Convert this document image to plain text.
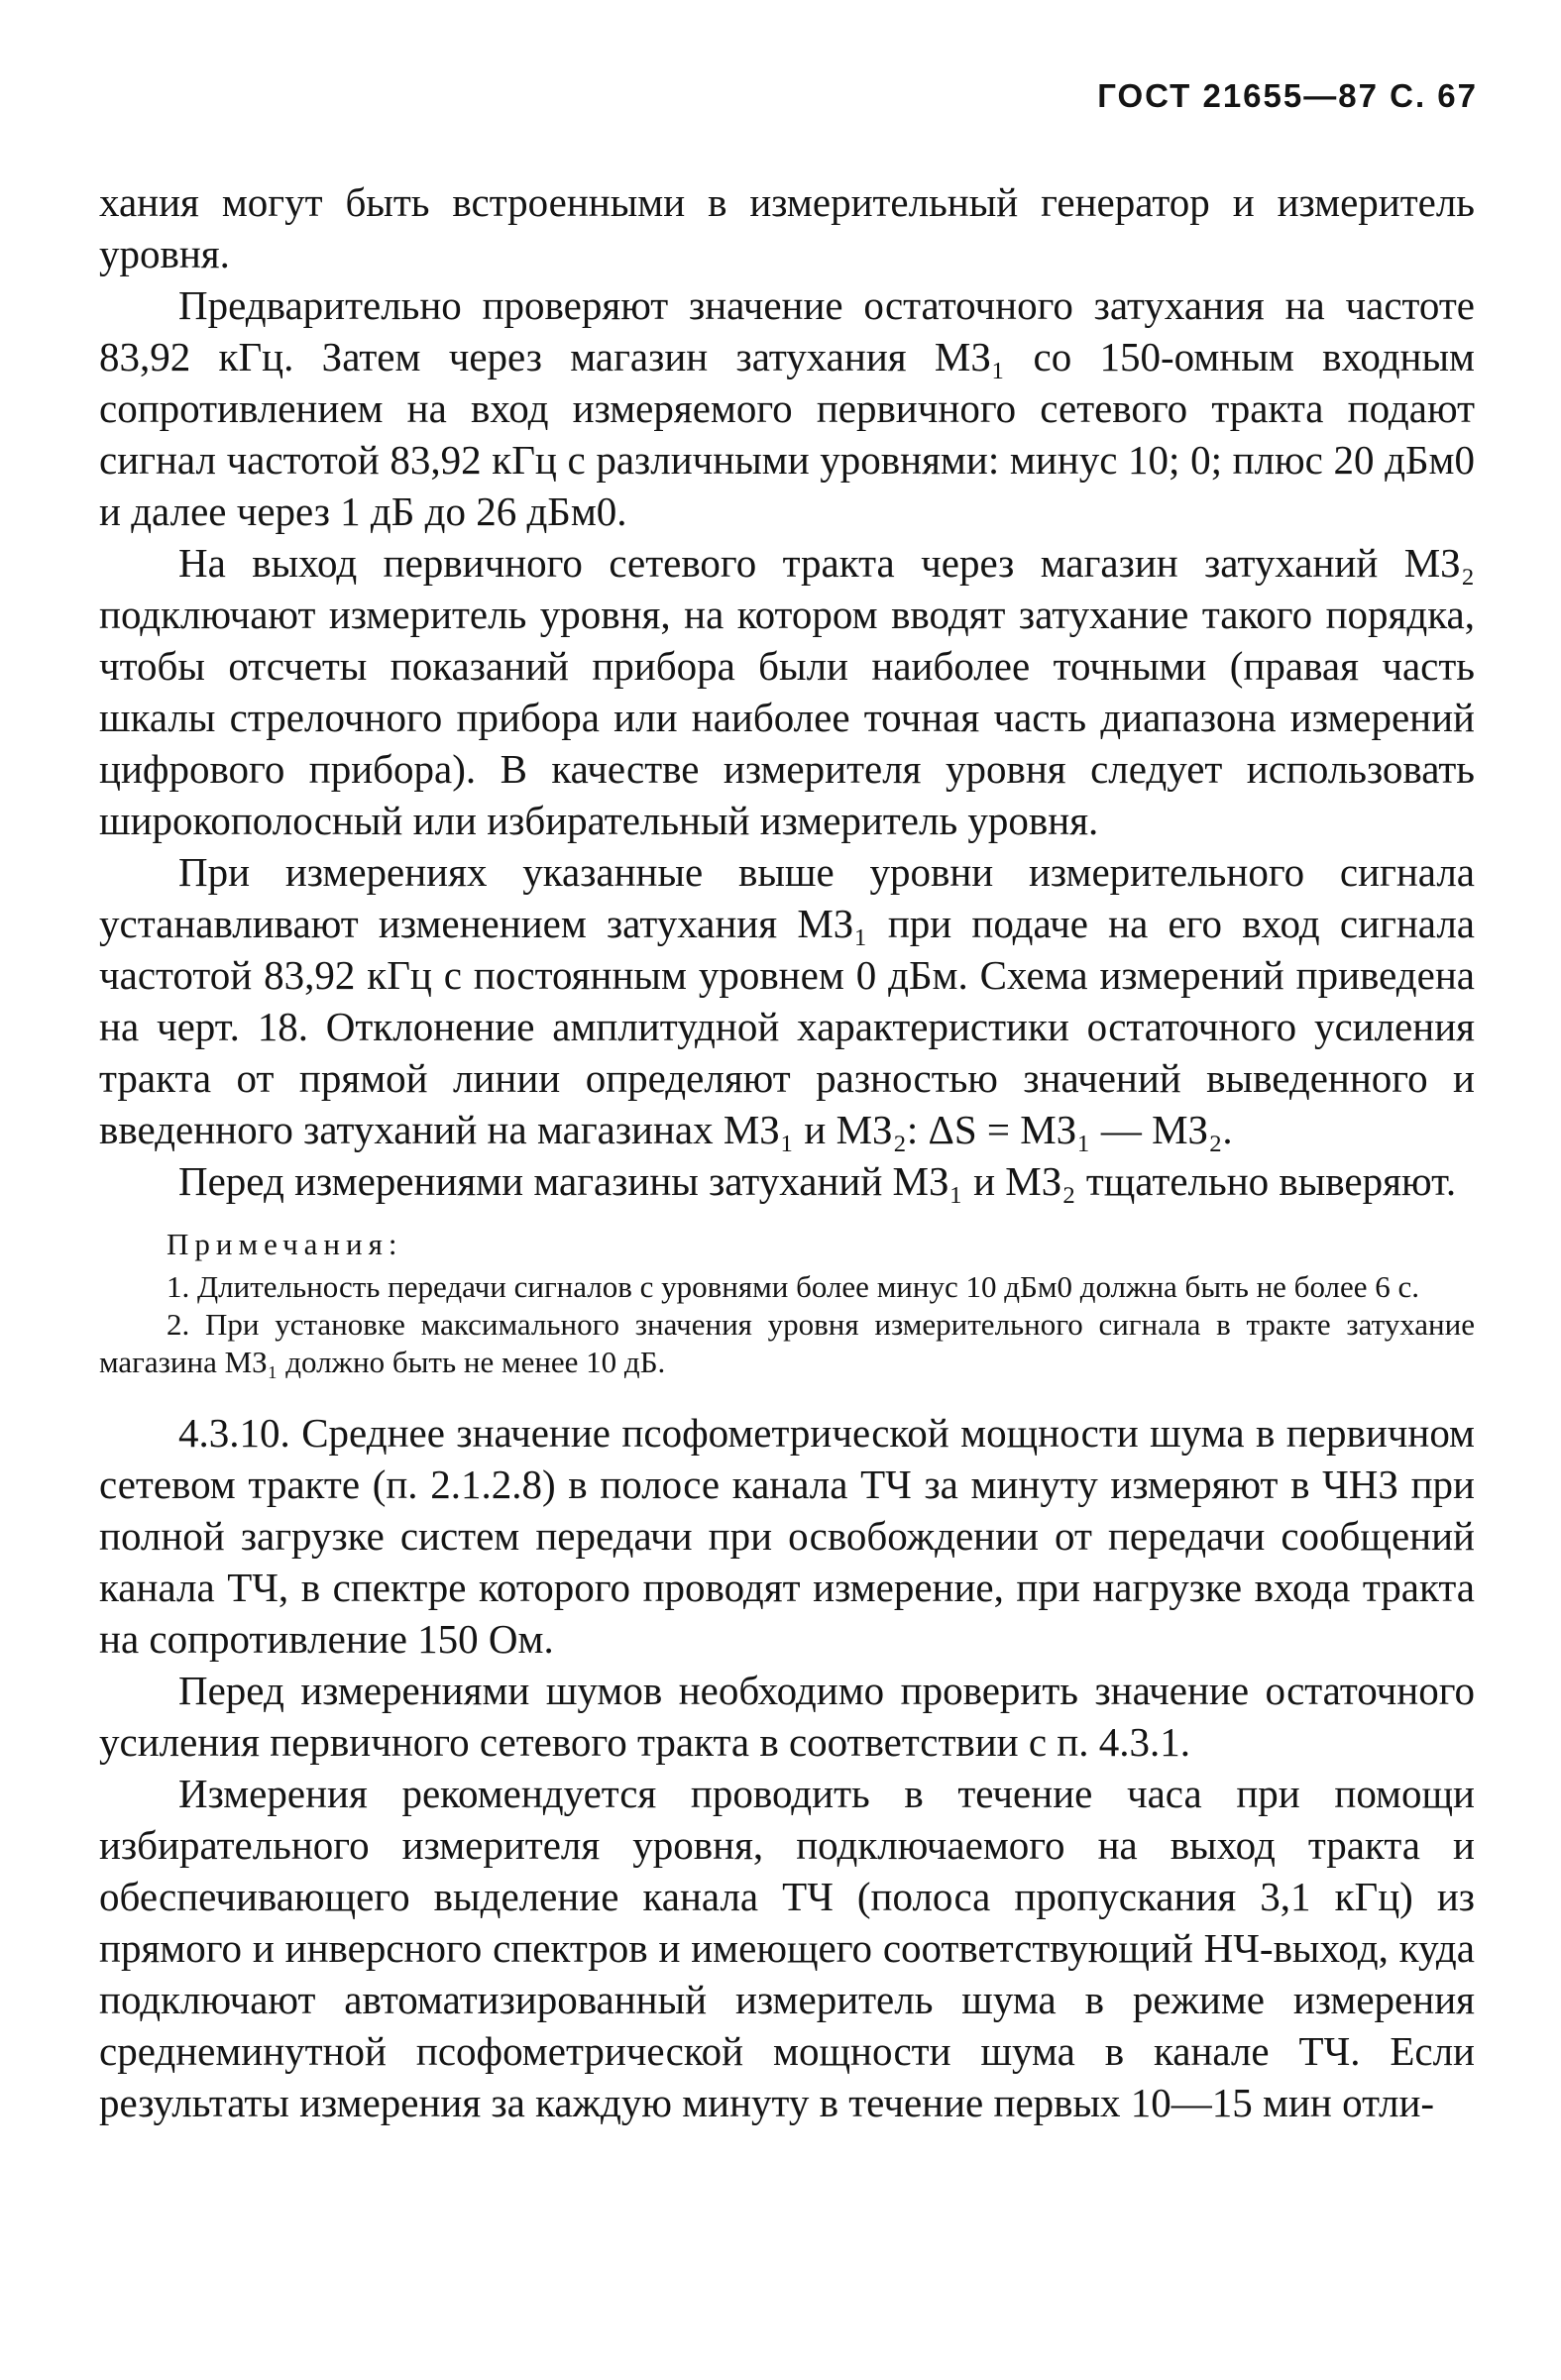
ГОСТ 21655—87 С. 67

хания могут быть встроенными в измерительный генератор и измеритель уровня.

Предварительно проверяют значение остаточного затухания на частоте 83,92 кГц. Затем через магазин затухания МЗ₁ со 150-омным входным сопротивлением на вход измеряемого первичного сетевого тракта подают сигнал частотой 83,92 кГц с различными уровнями: минус 10; 0; плюс 20 дБм0 и далее через 1 дБ до 26 дБм0.

На выход первичного сетевого тракта через магазин затуханий МЗ₂ подключают измеритель уровня, на котором вводят затухание такого порядка, чтобы отсчеты показаний прибора были наиболее точными (правая часть шкалы стрелочного прибора или наиболее точная часть диапазона измерений цифрового прибора). В качестве измерителя уровня следует использовать широкополосный или избирательный измеритель уровня.

При измерениях указанные выше уровни измерительного сигнала устанавливают изменением затухания МЗ₁ при подаче на его вход сигнала частотой 83,92 кГц с постоянным уровнем 0 дБм. Схема измерений приведена на черт. 18. Отклонение амплитудной характеристики остаточного усиления тракта от прямой линии определяют разностью значений выведенного и введенного затуханий на магазинах МЗ₁ и МЗ₂: ΔS = МЗ₁ — МЗ₂.

Перед измерениями магазины затуханий МЗ₁ и МЗ₂ тщательно выверяют.

Примечания:

1. Длительность передачи сигналов с уровнями более минус 10 дБм0 должна быть не более 6 с.

2. При установке максимального значения уровня измерительного сигнала в тракте затухание магазина МЗ₁ должно быть не менее 10 дБ.

4.3.10. Среднее значение псофометрической мощности шума в первичном сетевом тракте (п. 2.1.2.8) в полосе канала ТЧ за минуту измеряют в ЧНЗ при полной загрузке систем передачи при освобождении от передачи сообщений канала ТЧ, в спектре которого проводят измерение, при нагрузке входа тракта на сопротивление 150 Ом.

Перед измерениями шумов необходимо проверить значение остаточного усиления первичного сетевого тракта в соответствии с п. 4.3.1.

Измерения рекомендуется проводить в течение часа при помощи избирательного измерителя уровня, подключаемого на выход тракта и обеспечивающего выделение канала ТЧ (полоса пропускания 3,1 кГц) из прямого и инверсного спектров и имеющего соответствующий НЧ-выход, куда подключают автоматизированный измеритель шума в режиме измерения среднеминутной псофометрической мощности шума в канале ТЧ. Если результаты измерения за каждую минуту в течение первых 10—15 мин отли-
